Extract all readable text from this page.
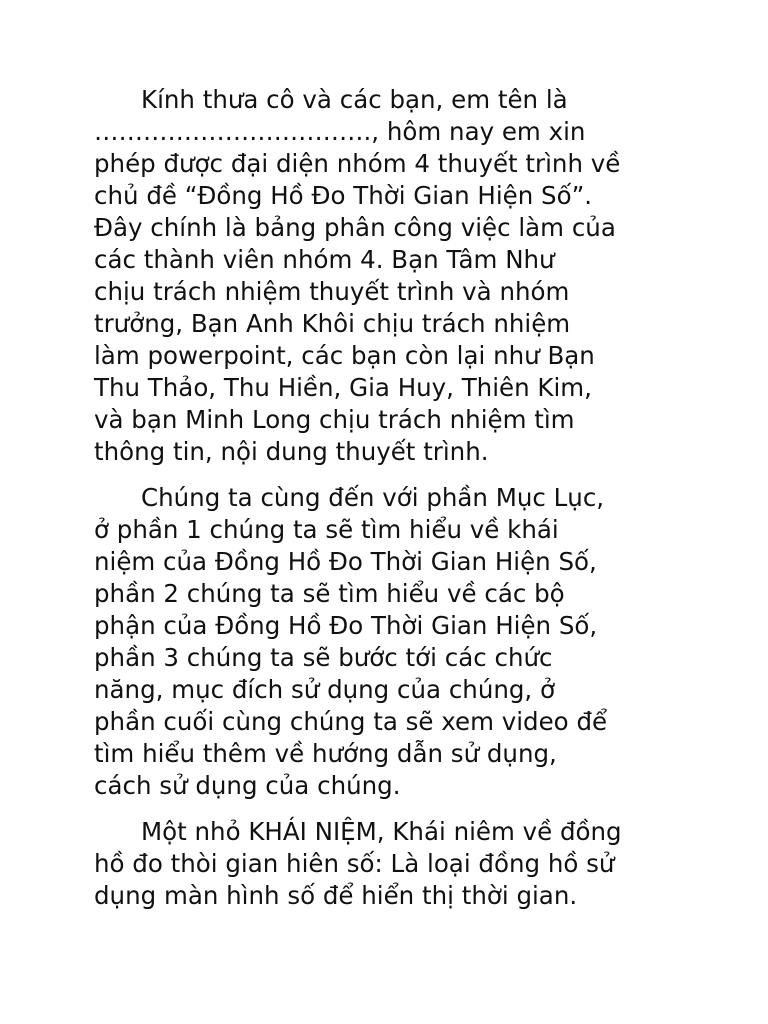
Kính thưa cô và các bạn, em tên là
……………………………., hôm nay em xin
phép được đại diện nhóm 4 thuyết trình về
chủ đề “Đồng Hồ Đo Thời Gian Hiện Số”.
Đây chính là bảng phân công việc làm của
các thành viên nhóm 4. Bạn Tâm Như
chịu trách nhiệm thuyết trình và nhóm
trưởng, Bạn Anh Khôi chịu trách nhiệm
làm powerpoint, các bạn còn lại như Bạn
Thu Thảo, Thu Hiền, Gia Huy, Thiên Kim,
và bạn Minh Long chịu trách nhiệm tìm
thông tin, nội dung thuyết trình.

Chúng ta cùng đến với phần Mục Lục,
ở phần 1 chúng ta sẽ tìm hiểu về khái
niệm của Đồng Hồ Đo Thời Gian Hiện Số,
phần 2 chúng ta sẽ tìm hiểu về các bộ
phận của Đồng Hồ Đo Thời Gian Hiện Số,
phần 3 chúng ta sẽ bước tới các chức
năng, mục đích sử dụng của chúng, ở
phần cuối cùng chúng ta sẽ xem video để
tìm hiểu thêm về hướng dẫn sử dụng,
cách sử dụng của chúng.

Một nhỏ KHÁI NIỆM, Khái niêm về đồng
hồ đo thòi gian hiên số: Là loại đồng hồ sử
dụng màn hình số để hiển thị thời gian.
